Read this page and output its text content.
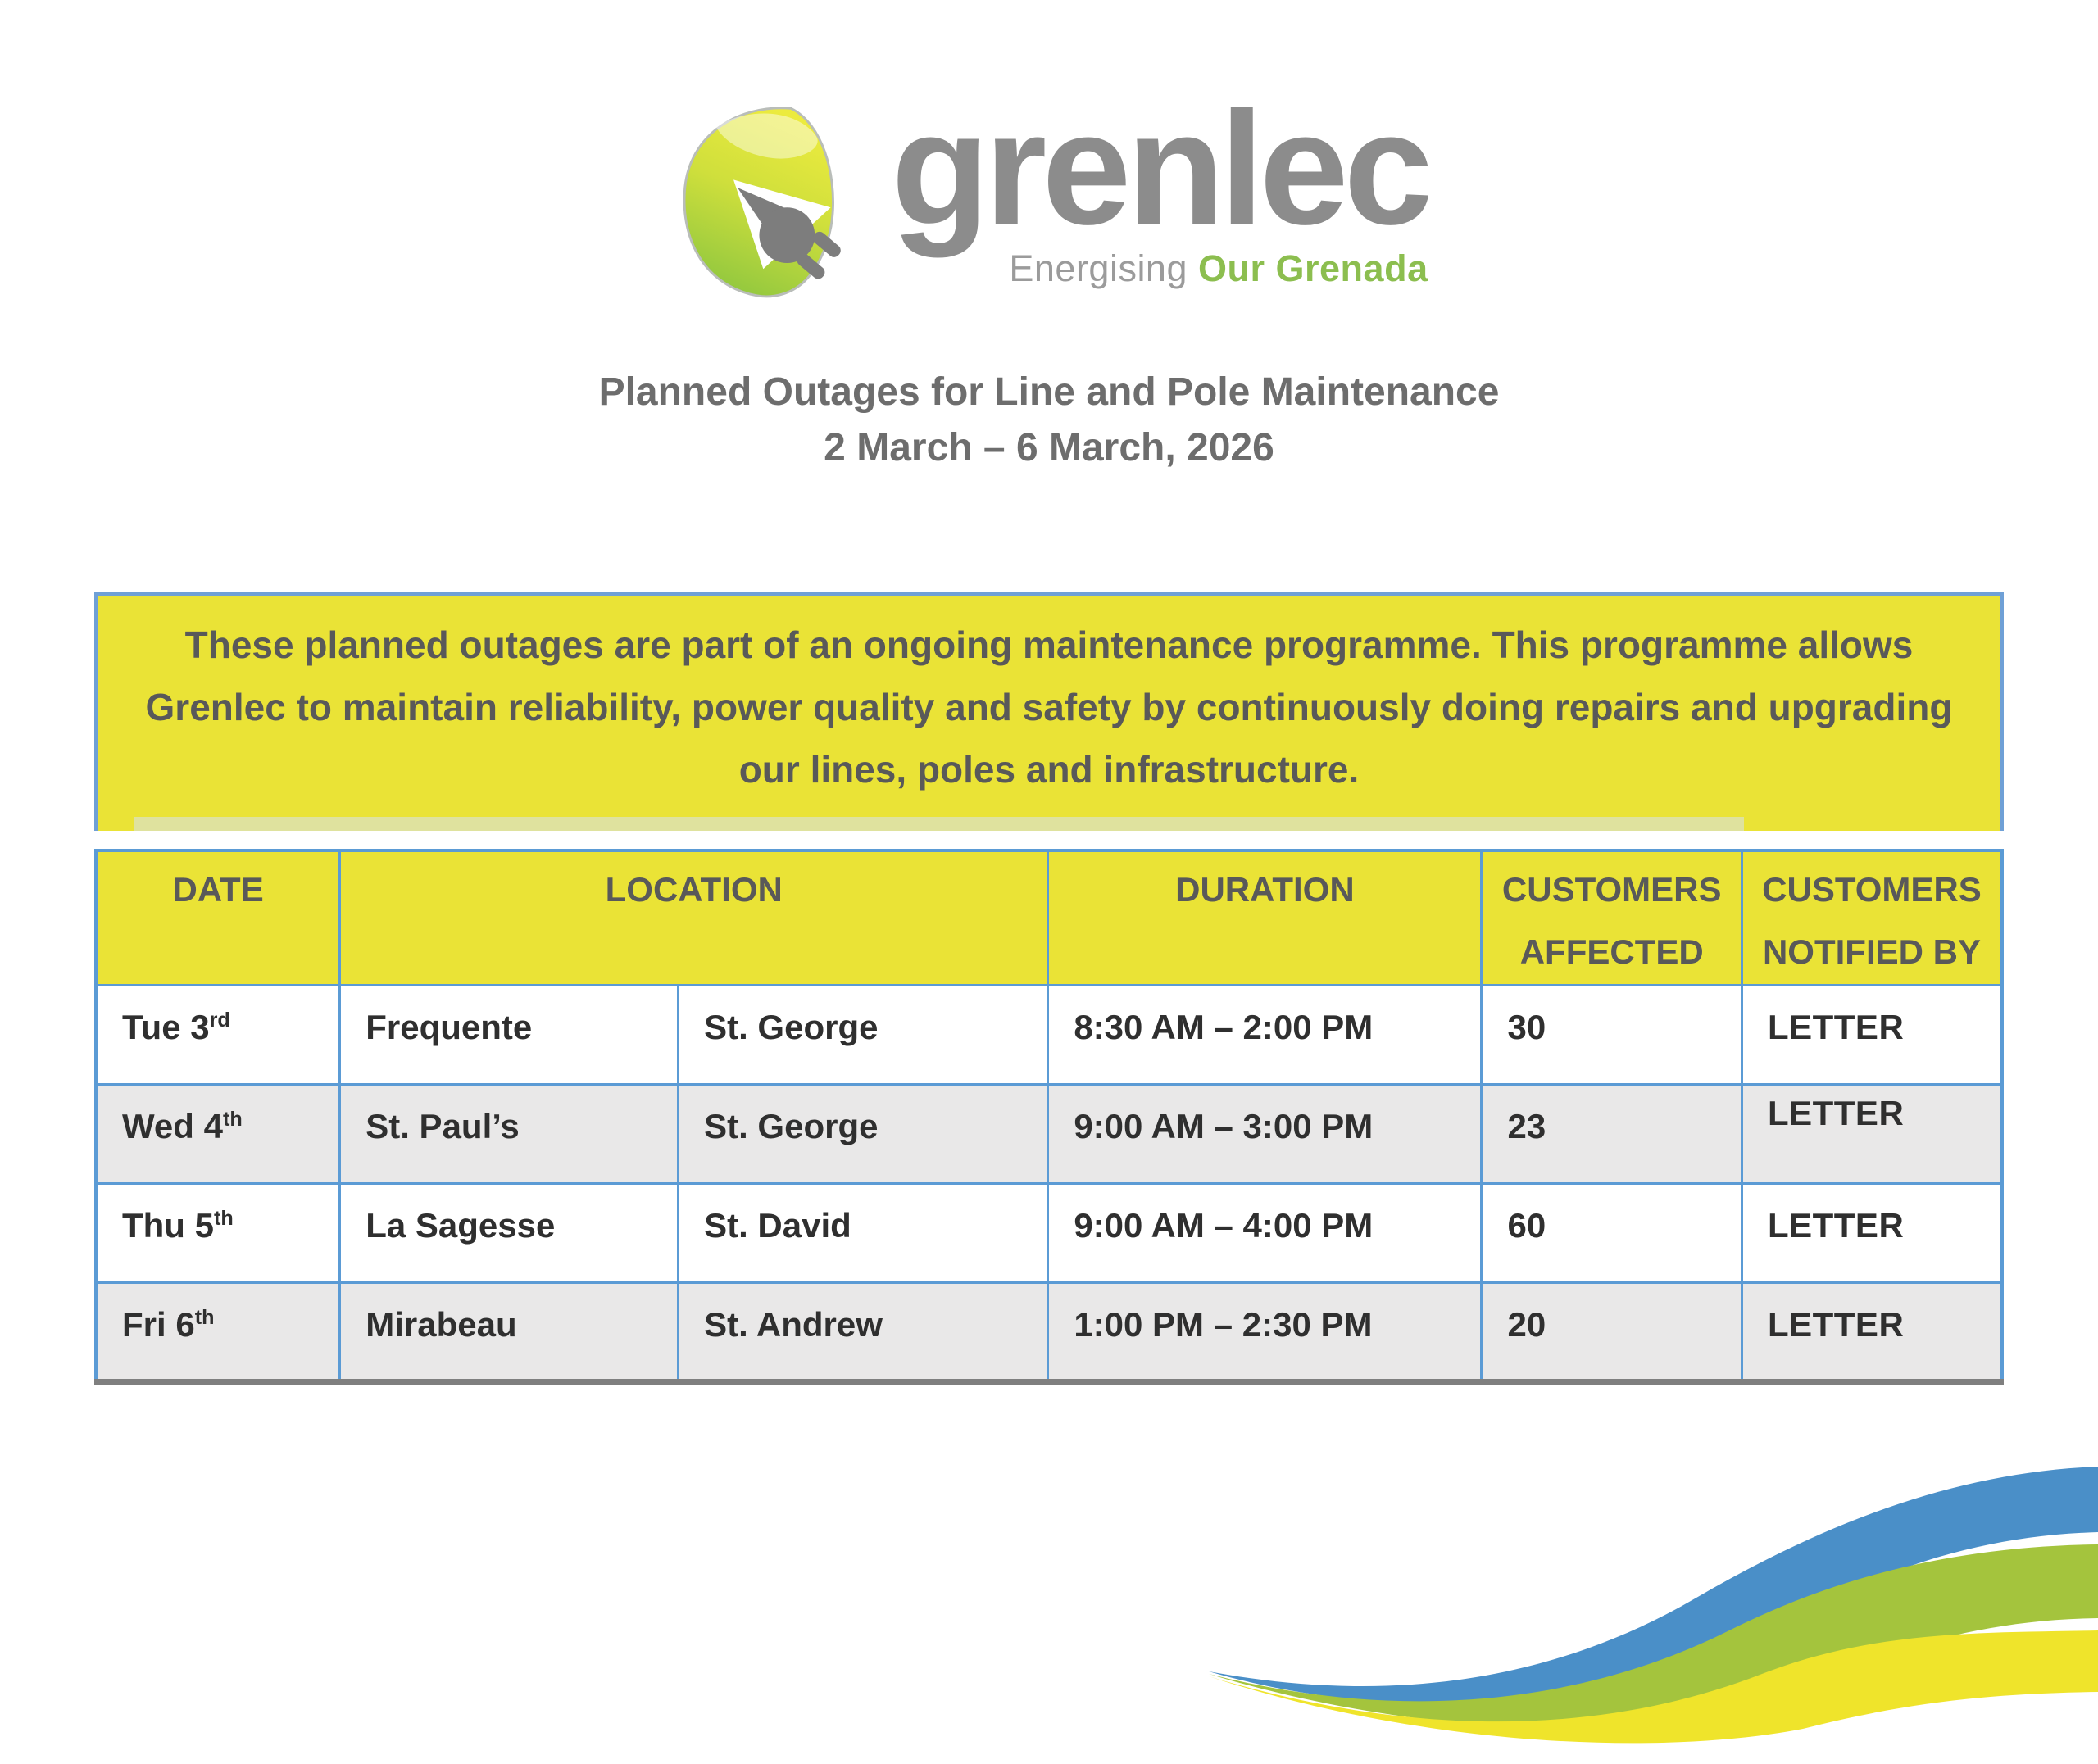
grenlec
Energising Our Grenada
Planned Outages for Line and Pole Maintenance
2 March – 6 March, 2026

These planned outages are part of an ongoing maintenance programme. This programme allows Grenlec to maintain reliability, power quality and safety by continuously doing repairs and upgrading our lines, poles and infrastructure.

DATE	LOCATION		DURATION	CUSTOMERS AFFECTED	CUSTOMERS NOTIFIED BY
Tue 3rd	Frequente	St. George	8:30 AM – 2:00 PM	30	LETTER
Wed 4th	St. Paul’s	St. George	9:00 AM – 3:00 PM	23	LETTER
Thu 5th	La Sagesse	St. David	9:00 AM – 4:00 PM	60	LETTER
Fri 6th	Mirabeau	St. Andrew	1:00 PM – 2:30 PM	20	LETTER
